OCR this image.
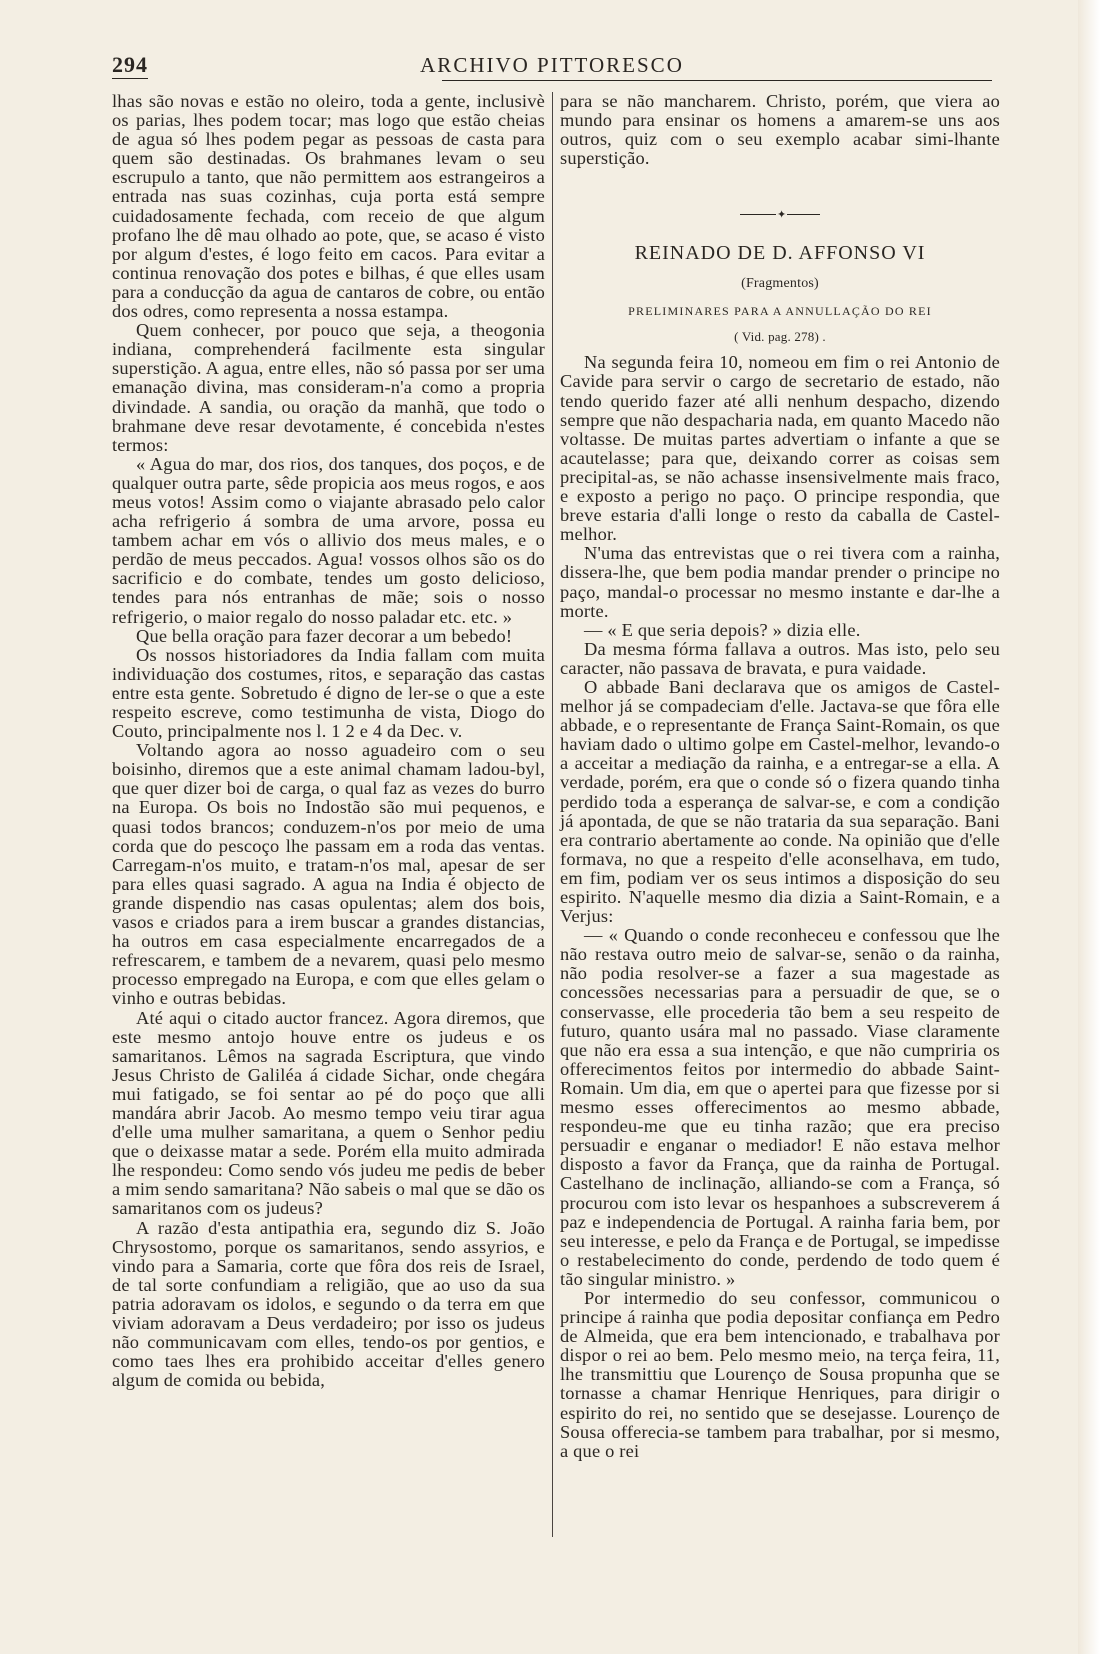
294	ARCHIVO PITTORESCO

lhas são novas e estão no oleiro, toda a gente, inclusivè os parias, lhes podem tocar; mas logo que estão cheias de agua só lhes podem pegar as pessoas de casta para quem são destinadas. Os brahmanes levam o seu escrupulo a tanto, que não permittem aos estrangeiros a entrada nas suas cozinhas, cuja porta está sempre cuidadosamente fechada, com receio de que algum profano lhe dê mau olhado ao pote, que, se acaso é visto por algum d'estes, é logo feito em cacos. Para evitar a continua renovação dos potes e bilhas, é que elles usam para a conducção da agua de cantaros de cobre, ou então dos odres, como representa a nossa estampa.

Quem conhecer, por pouco que seja, a theogonia indiana, comprehenderá facilmente esta singular superstição. A agua, entre elles, não só passa por ser uma emanação divina, mas consideram-n'a como a propria divindade. A sandia, ou oração da manhã, que todo o brahmane deve resar devotamente, é concebida n'estes termos:

« Agua do mar, dos rios, dos tanques, dos poços, e de qualquer outra parte, sêde propicia aos meus rogos, e aos meus votos! Assim como o viajante abrasado pelo calor acha refrigerio á sombra de uma arvore, possa eu tambem achar em vós o allivio dos meus males, e o perdão de meus peccados. Agua! vossos olhos são os do sacrificio e do combate, tendes um gosto delicioso, tendes para nós entranhas de mãe; sois o nosso refrigerio, o maior regalo do nosso paladar etc. etc. »

Que bella oração para fazer decorar a um bebedo!

Os nossos historiadores da India fallam com muita individuação dos costumes, ritos, e separação das castas entre esta gente. Sobretudo é digno de ler-se o que a este respeito escreve, como testimunha de vista, Diogo do Couto, principalmente nos l. 1 2 e 4 da Dec. v.

Voltando agora ao nosso aguadeiro com o seu boisinho, diremos que a este animal chamam ladou-byl, que quer dizer boi de carga, o qual faz as vezes do burro na Europa. Os bois no Indostão são mui pequenos, e quasi todos brancos; conduzem-n'os por meio de uma corda que do pescoço lhe passam em a roda das ventas. Carregam-n'os muito, e tratam-n'os mal, apesar de ser para elles quasi sagrado. A agua na India é objecto de grande dispendio nas casas opulentas; alem dos bois, vasos e criados para a irem buscar a grandes distancias, ha outros em casa especialmente encarregados de a refrescarem, e tambem de a nevarem, quasi pelo mesmo processo empregado na Europa, e com que elles gelam o vinho e outras bebidas.

Até aqui o citado auctor francez. Agora diremos, que este mesmo antojo houve entre os judeus e os samaritanos. Lêmos na sagrada Escriptura, que vindo Jesus Christo de Galiléa á cidade Sichar, onde chegára mui fatigado, se foi sentar ao pé do poço que alli mandára abrir Jacob. Ao mesmo tempo veiu tirar agua d'elle uma mulher samaritana, a quem o Senhor pediu que o deixasse matar a sede. Porém ella muito admirada lhe respondeu: Como sendo vós judeu me pedis de beber a mim sendo samaritana? Não sabeis o mal que se dão os samaritanos com os judeus?

A razão d'esta antipathia era, segundo diz S. João Chrysostomo, porque os samaritanos, sendo assyrios, e vindo para a Samaria, corte que fôra dos reis de Israel, de tal sorte confundiam a religião, que ao uso da sua patria adoravam os idolos, e segundo o da terra em que viviam adoravam a Deus verdadeiro; por isso os judeus não communicavam com elles, tendo-os por gentios, e como taes lhes era prohibido acceitar d'elles genero algum de comida ou bebida,

para se não mancharem. Christo, porém, que viera ao mundo para ensinar os homens a amarem-se uns aos outros, quiz com o seu exemplo acabar simi-lhante superstição.

✦
REINADO DE D. AFFONSO VI
(Fragmentos)
PRELIMINARES PARA A ANNULLAÇÃO DO REI
( Vid. pag. 278) .

Na segunda feira 10, nomeou em fim o rei Antonio de Cavide para servir o cargo de secretario de estado, não tendo querido fazer até alli nenhum despacho, dizendo sempre que não despacharia nada, em quanto Macedo não voltasse. De muitas partes advertiam o infante a que se acautelasse; para que, deixando correr as coisas sem precipital-as, se não achasse insensivelmente mais fraco, e exposto a perigo no paço. O principe respondia, que breve estaria d'alli longe o resto da caballa de Castel-melhor.

N'uma das entrevistas que o rei tivera com a rainha, dissera-lhe, que bem podia mandar prender o principe no paço, mandal-o processar no mesmo instante e dar-lhe a morte.

— « E que seria depois? » dizia elle.

Da mesma fórma fallava a outros. Mas isto, pelo seu caracter, não passava de bravata, e pura vaidade.

O abbade Bani declarava que os amigos de Castel-melhor já se compadeciam d'elle. Jactava-se que fôra elle abbade, e o representante de França Saint-Romain, os que haviam dado o ultimo golpe em Castel-melhor, levando-o a acceitar a mediação da rainha, e a entregar-se a ella. A verdade, porém, era que o conde só o fizera quando tinha perdido toda a esperança de salvar-se, e com a condição já apontada, de que se não trataria da sua separação. Bani era contrario abertamente ao conde. Na opinião que d'elle formava, no que a respeito d'elle aconselhava, em tudo, em fim, podiam ver os seus intimos a disposição do seu espirito. N'aquelle mesmo dia dizia a Saint-Romain, e a Verjus:

— « Quando o conde reconheceu e confessou que lhe não restava outro meio de salvar-se, senão o da rainha, não podia resolver-se a fazer a sua magestade as concessões necessarias para a persuadir de que, se o conservasse, elle procederia tão bem a seu respeito de futuro, quanto usára mal no passado. Viase claramente que não era essa a sua intenção, e que não cumpriria os offerecimentos feitos por intermedio do abbade Saint-Romain. Um dia, em que o apertei para que fizesse por si mesmo esses offerecimentos ao mesmo abbade, respondeu-me que eu tinha razão; que era preciso persuadir e enganar o mediador! E não estava melhor disposto a favor da França, que da rainha de Portugal. Castelhano de inclinação, alliando-se com a França, só procurou com isto levar os hespanhoes a subscreverem á paz e independencia de Portugal. A rainha faria bem, por seu interesse, e pelo da França e de Portugal, se impedisse o restabelecimento do conde, perdendo de todo quem é tão singular ministro. »

Por intermedio do seu confessor, communicou o principe á rainha que podia depositar confiança em Pedro de Almeida, que era bem intencionado, e trabalhava por dispor o rei ao bem. Pelo mesmo meio, na terça feira, 11, lhe transmittiu que Lourenço de Sousa propunha que se tornasse a chamar Henrique Henriques, para dirigir o espirito do rei, no sentido que se desejasse. Lourenço de Sousa offerecia-se tambem para trabalhar, por si mesmo, a que o rei
